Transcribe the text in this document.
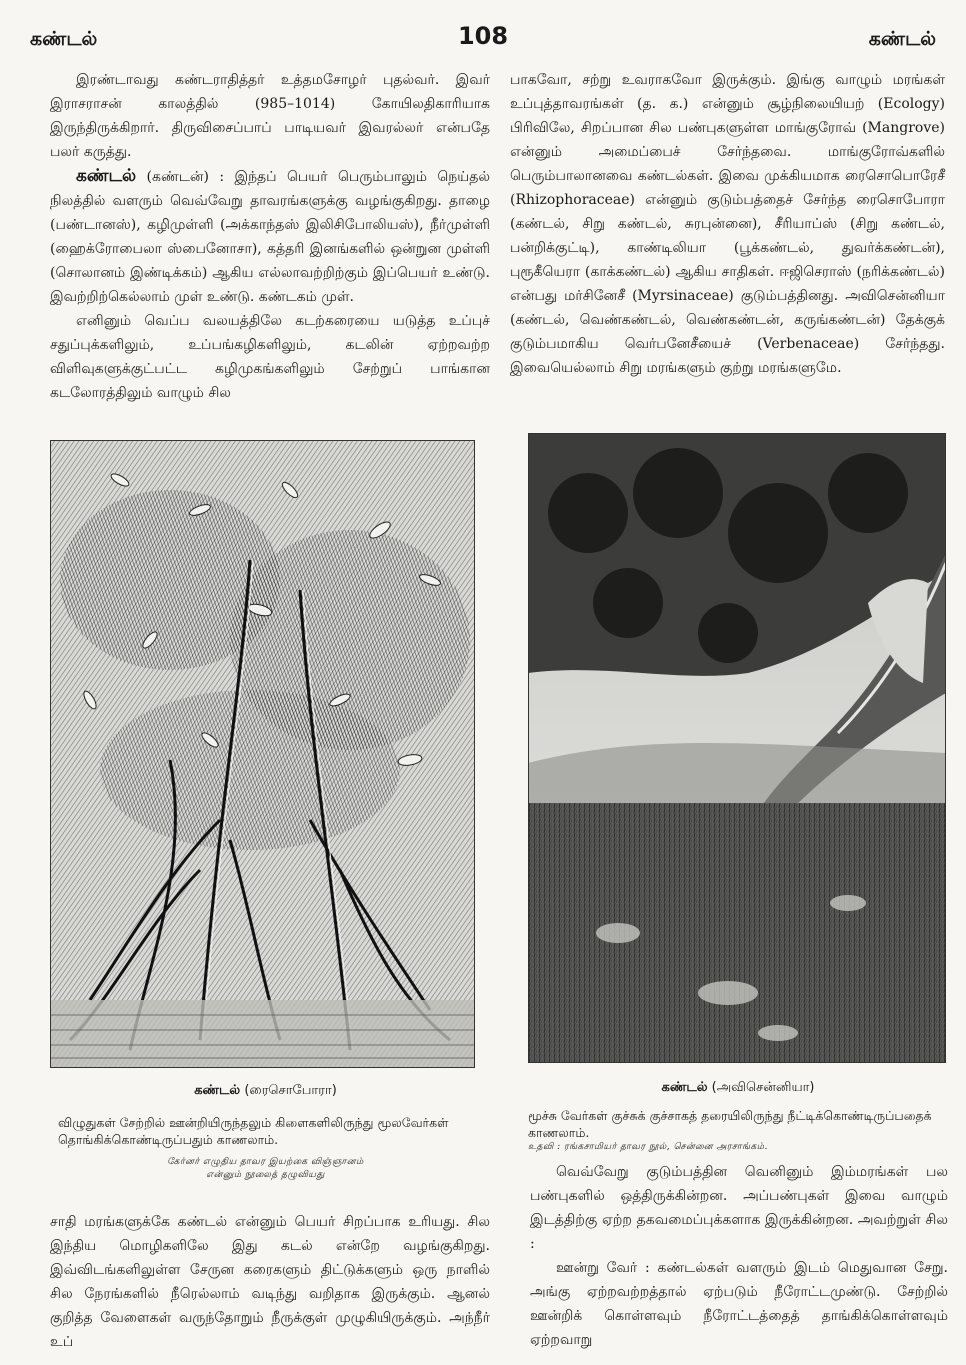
கண்டல்	108	கண்டல்

இரண்டாவது கண்டராதித்தர் உத்தமசோழர் புதல்வர். இவர் இராசராசன் காலத்தில் (985–1014) கோயிலதிகாரியாக இருந்திருக்கிறார். திருவிசைப்பாப் பாடியவர் இவரல்லர் என்பதே பலர் கருத்து.

கண்டல் (கண்டன்) : இந்தப் பெயர் பெரும்பாலும் நெய்தல் நிலத்தில் வளரும் வெவ்வேறு தாவரங்களுக்கு வழங்குகிறது. தாழை (பண்டானஸ்), கழிமுள்ளி (அக்காந்தஸ் இலிசிபோலியஸ்), நீர்முள்ளி (ஹைக்ரோபைலா ஸ்பைனோசா), கத்தரி இனங்களில் ஒன்றுன முள்ளி (சொலானம் இண்டிக்கம்) ஆகிய எல்லாவற்றிற்கும் இப்பெயர் உண்டு. இவற்றிற்கெல்லாம் முள் உண்டு. கண்டகம் முள்.

எனினும் வெப்ப வலயத்திலே கடற்கரையை யடுத்த உப்புச் சதுப்புக்களிலும், உப்பங்கழிகளிலும், கடலின் ஏற்றவற்ற விளிவுகளுக்குட்பட்ட கழிமுகங்களிலும் சேற்றுப் பாங்கான கடலோரத்திலும் வாழும் சில

பாகவோ, சற்று உவராகவோ இருக்கும். இங்கு வாழும் மரங்கள் உப்புத்தாவரங்கள் (த. க.) என்னும் சூழ்நிலையியற் (Ecology) பிரிவிலே, சிறப்பான சில பண்புகளுள்ள மாங்குரோவ் (Mangrove) என்னும் அமைப்பைச் சேர்ந்தவை. மாங்குரோவ்களில் பெரும்பாலானவை கண்டல்கள். இவை முக்கியமாக ரைசொபொரேசீ (Rhizophoraceae) என்னும் குடும்பத்தைச் சேர்ந்த ரைசொபோரா (கண்டல், சிறு கண்டல், சுரபுன்னை), சீரியாப்ஸ் (சிறு கண்டல், பன்றிக்குட்டி), காண்டிலியா (பூக்கண்டல், துவர்க்கண்டன்), புரூகீயெரா (காக்கண்டல்) ஆகிய சாதிகள். ஈஜிசெராஸ் (நரிக்கண்டல்) என்பது மர்சினேசீ (Myrsinaceae) குடும்பத்தினது. அவிசென்னியா (கண்டல், வெண்கண்டல், வெண்கண்டன், கருங்கண்டன்) தேக்குக் குடும்பமாகிய வெர்பனேசீயைச் (Verbenaceae) சேர்ந்தது. இவையெல்லாம் சிறு மரங்களும் குற்று மரங்களுமே.

கண்டல் (ரைசொபோரா)
விழுதுகள் சேற்றில் ஊன்றியிருந்தலும் கிளைகளிலிருந்து மூலவேர்கள் தொங்கிக்கொண்டிருப்பதும் காணலாம்.
கேர்னர் எழுதிய தாவர இயற்கை விஞ்ஞானம்
என்னும் நூலைத் தழுவியது
கண்டல் (அவிசென்னியா)
மூச்சு வேர்கள் குச்சுக் குச்சாகத் தரையிலிருந்து நீட்டிக்கொண்டிருப்பதைக் காணலாம்.
உதவி : ரங்கசாமியர் தாவர நூல், சென்னை அரசாங்கம்.

சாதி மரங்களுக்கே கண்டல் என்னும் பெயர் சிறப்பாக உரியது. சில இந்திய மொழிகளிலே இது கடல் என்றே வழங்குகிறது. இவ்விடங்களிலுள்ள சேருன கரைகளும் திட்டுக்களும் ஒரு நாளில் சில நேரங்களில் நீரெல்லாம் வடிந்து வறிதாக இருக்கும். ஆனல் குறித்த வேளைகள் வருந்தோறும் நீருக்குள் முழுகியிருக்கும். அந்நீர் உப்

வெவ்வேறு குடும்பத்தின வெனினும் இம்மரங்கள் பல பண்புகளில் ஒத்திருக்கின்றன. அப்பண்புகள் இவை வாழும் இடத்திற்கு ஏற்ற தகவமைப்புக்களாக இருக்கின்றன. அவற்றுள் சில :

ஊன்று வேர் : கண்டல்கள் வளரும் இடம் மெதுவான சேறு. அங்கு ஏற்றவற்றத்தால் ஏற்படும் நீரோட்டமுண்டு. சேற்றில் ஊன்றிக் கொள்ளவும் நீரோட்டத்தைத் தாங்கிக்கொள்ளவும் ஏற்றவாறு
